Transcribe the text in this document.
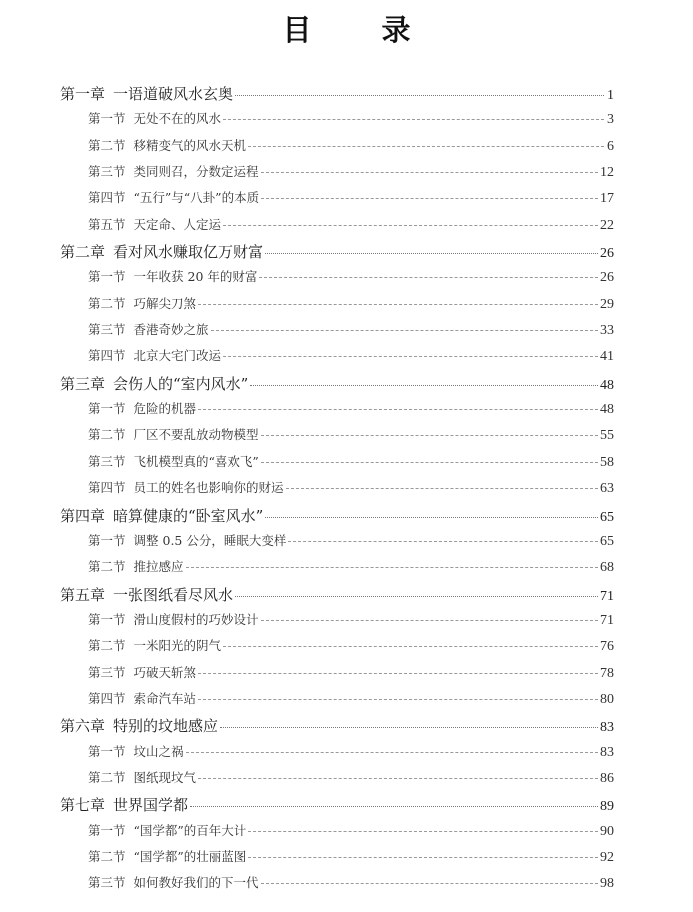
目 录
第一章 一语道破风水玄奥	1
第一节 无处不在的风水	3
第二节 移精变气的风水天机	6
第三节 类同则召，分数定运程	12
第四节 “五行”与“八卦”的本质	17
第五节 天定命、人定运	22
第二章 看对风水赚取亿万财富	26
第一节 一年收获 20 年的财富	26
第二节 巧解尖刀煞	29
第三节 香港奇妙之旅	33
第四节 北京大宅门改运	41
第三章 会伤人的“室内风水”	48
第一节 危险的机器	48
第二节 厂区不要乱放动物模型	55
第三节 飞机模型真的“喜欢飞”	58
第四节 员工的姓名也影响你的财运	63
第四章 暗算健康的“卧室风水”	65
第一节 调整 0.5 公分，睡眠大变样	65
第二节 推拉感应	68
第五章 一张图纸看尽风水	71
第一节 滑山度假村的巧妙设计	71
第二节 一米阳光的阴气	76
第三节 巧破天斩煞	78
第四节 索命汽车站	80
第六章 特别的坟地感应	83
第一节 坟山之祸	83
第二节 图纸现坟气	86
第七章 世界国学都	89
第一节 “国学都”的百年大计	90
第二节 “国学都”的壮丽蓝图	92
第三节 如何教好我们的下一代	98
